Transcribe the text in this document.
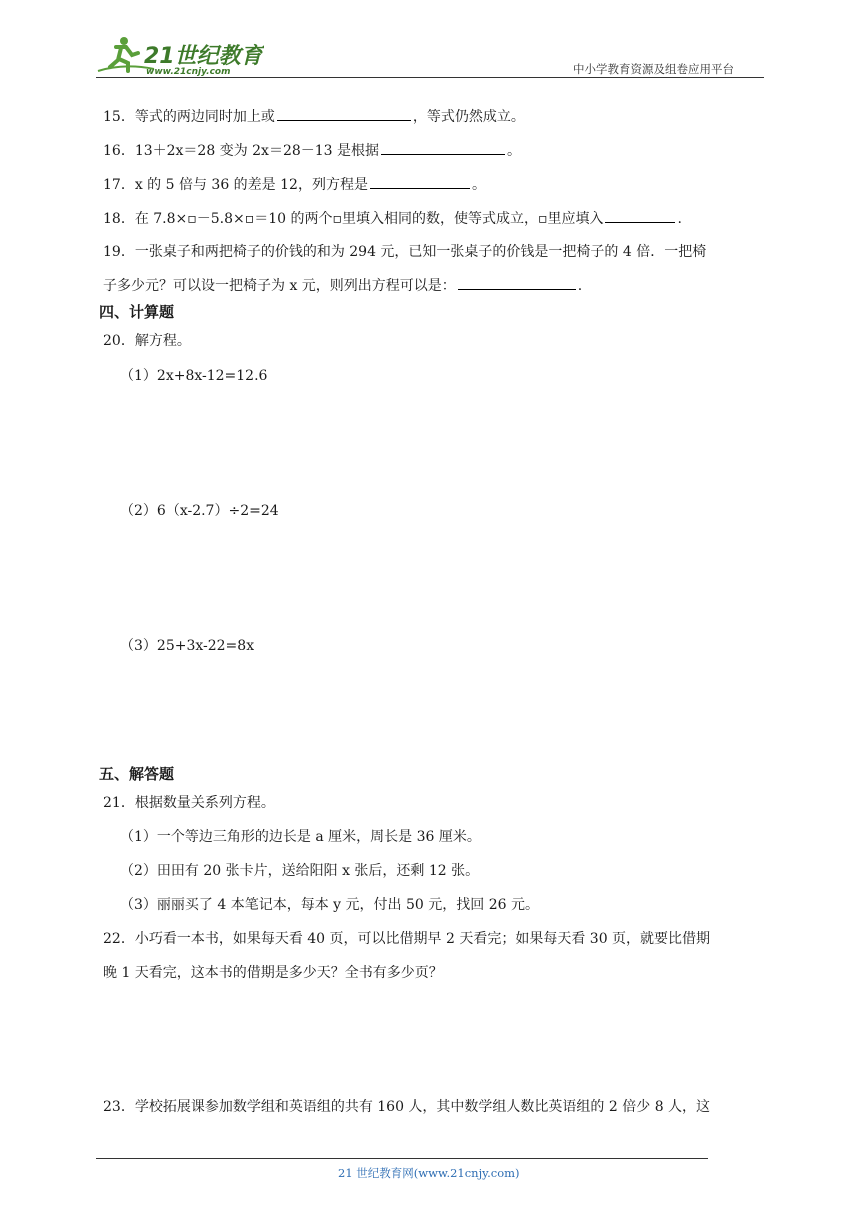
21世纪教育
www.21cnjy.com	中小学教育资源及组卷应用平台
15．等式的两边同时加上或	，等式仍然成立。
16．13＋2x＝28 变为 2x＝28－13 是根据	。
17．x 的 5 倍与 36 的差是 12，列方程是	。
18．在 7.8×▫－5.8×▫＝10 的两个▫里填入相同的数，使等式成立，▫里应填入	.
19．一张桌子和两把椅子的价钱的和为 294 元，已知一张桌子的价钱是一把椅子的 4 倍．一把椅
子多少元？可以设一把椅子为 x 元，则列出方程可以是：	.
四、计算题
20．解方程。
（1）2x+8x-12=12.6
（2）6（x-2.7）÷2=24
（3）25+3x-22=8x
五、解答题
21．根据数量关系列方程。
（1）一个等边三角形的边长是 a 厘米，周长是 36 厘米。
（2）田田有 20 张卡片，送给阳阳 x 张后，还剩 12 张。
（3）丽丽买了 4 本笔记本，每本 y 元，付出 50 元，找回 26 元。
22．小巧看一本书，如果每天看 40 页，可以比借期早 2 天看完；如果每天看 30 页，就要比借期
晚 1 天看完，这本书的借期是多少天？全书有多少页？
23．学校拓展课参加数学组和英语组的共有 160 人，其中数学组人数比英语组的 2 倍少 8 人，这
21 世纪教育网(www.21cnjy.com)
